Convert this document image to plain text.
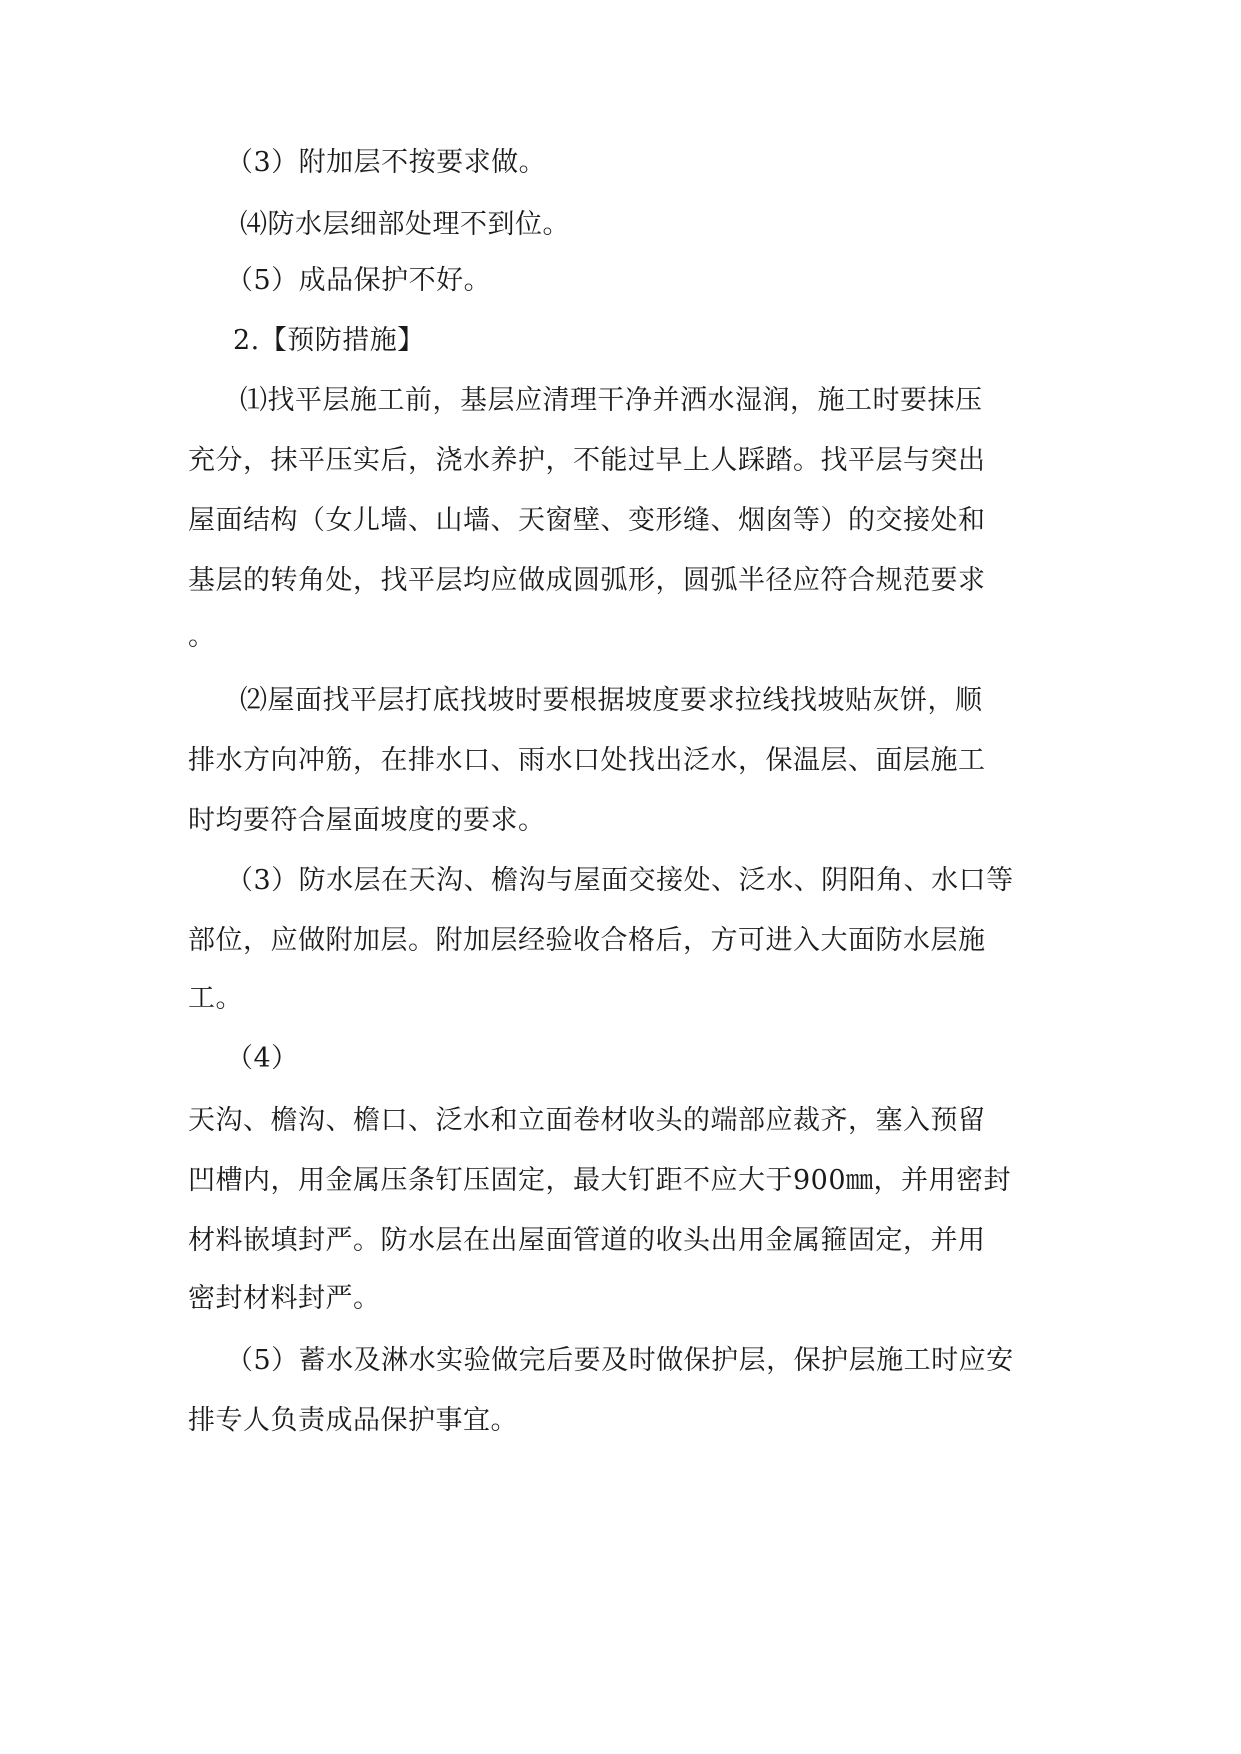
（3）附加层不按要求做。
⑷防水层细部处理不到位。
（5）成品保护不好。
2.【预防措施】
⑴找平层施工前，基层应清理干净并洒水湿润，施工时要抹压
充分，抹平压实后，浇水养护，不能过早上人踩踏。找平层与突出
屋面结构（女儿墙、山墙、天窗壁、变形缝、烟囱等）的交接处和
基层的转角处，找平层均应做成圆弧形，圆弧半径应符合规范要求
。
⑵屋面找平层打底找坡时要根据坡度要求拉线找坡贴灰饼，顺
排水方向冲筋，在排水口、雨水口处找出泛水，保温层、面层施工
时均要符合屋面坡度的要求。
（3）防水层在天沟、檐沟与屋面交接处、泛水、阴阳角、水口等
部位，应做附加层。附加层经验收合格后，方可进入大面防水层施
工。
（4）
天沟、檐沟、檐口、泛水和立面卷材收头的端部应裁齐，塞入预留
凹槽内，用金属压条钉压固定，最大钉距不应大于900㎜，并用密封
材料嵌填封严。防水层在出屋面管道的收头出用金属箍固定，并用
密封材料封严。
（5）蓄水及淋水实验做完后要及时做保护层，保护层施工时应安
排专人负责成品保护事宜。
